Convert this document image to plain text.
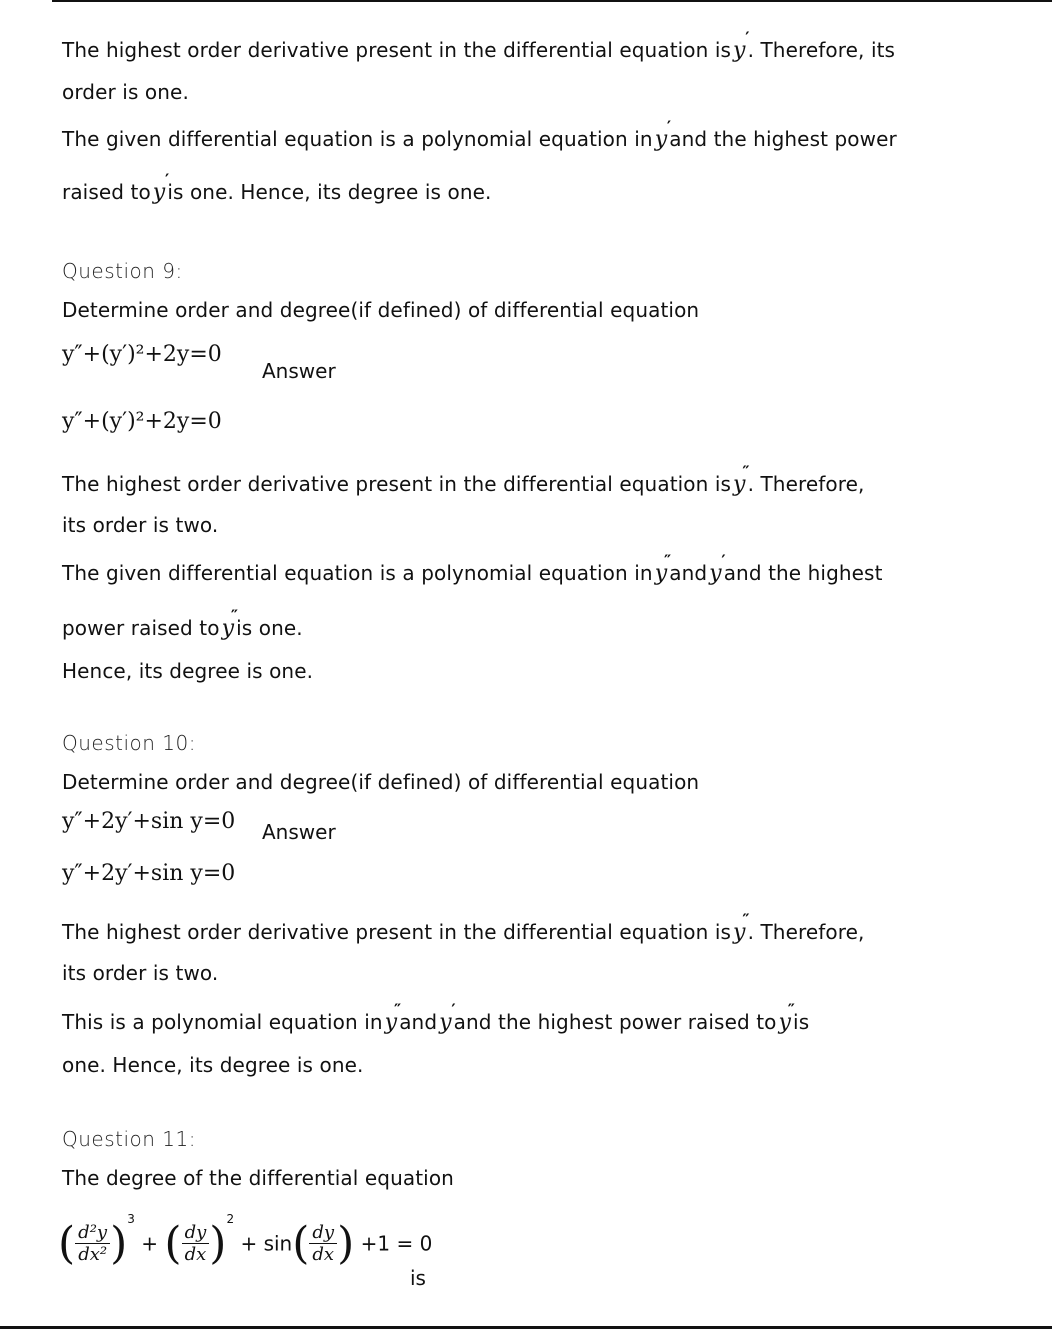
The highest order derivative present in the differential equation isy
′
. Therefore, its
order is one.
The given differential equation is a polynomial equation iny
′
and the highest power
raised toy
′
is one. Hence, its degree is one.
Question 9:
Determine order and degree(if defined) of differential equation
y″+(y′)²+2y=0
Answer
y″+(y′)²+2y=0
The highest order derivative present in the differential equation isy
″
. Therefore,
its order is two.
The given differential equation is a polynomial equation iny
″
andy
′
and the highest
power raised toy
″
is one.
Hence, its degree is one.
Question 10:
Determine order and degree(if defined) of differential equation
y″+2y′+sin y=0 Answer
y″+2y′+sin y=0
The highest order derivative present in the differential equation isy
″
. Therefore,
its order is two.
This is a polynomial equation iny
″
andy
′
and the highest power raised toy
″
is
one. Hence, its degree is one.
Question 11:
The degree of the differential equation
( $\frac{\text{d²y}}{\text{dx²}} )^3$ + ( $\frac{dy}{dx} )^2 + \sin( \frac{dy}{dx}$ ) +1 = 0
is
